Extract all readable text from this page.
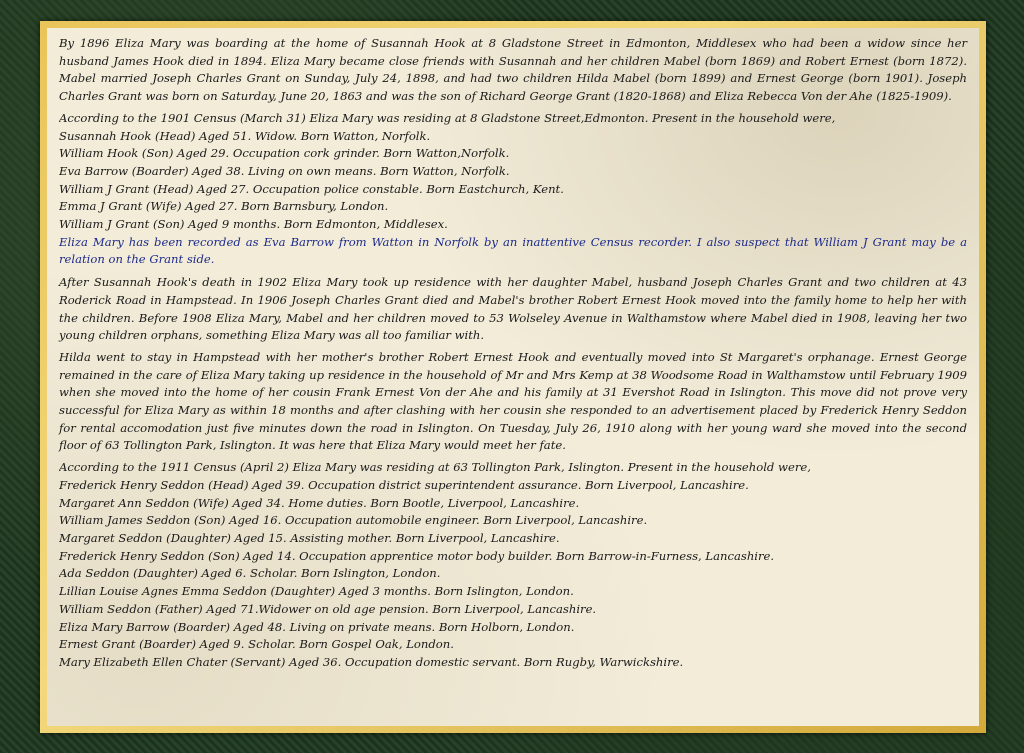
By 1896 Eliza Mary was boarding at the home of Susannah Hook at 8 Gladstone Street in Edmonton, Middlesex who had been a widow since her husband James Hook died in 1894. Eliza Mary became close friends with Susannah and her children Mabel (born 1869) and Robert Ernest (born 1872). Mabel married Joseph Charles Grant on Sunday, July 24, 1898, and had two children Hilda Mabel (born 1899) and Ernest George (born 1901). Joseph Charles Grant was born on Saturday, June 20, 1863 and was the son of Richard George Grant (1820-1868) and Eliza Rebecca Von der Ahe (1825-1909).

According to the 1901 Census (March 31) Eliza Mary was residing at 8 Gladstone Street,Edmonton. Present in the household were,
Susannah Hook (Head) Aged 51. Widow. Born Watton, Norfolk.
William Hook (Son) Aged 29. Occupation cork grinder. Born Watton,Norfolk.
Eva Barrow (Boarder) Aged 38. Living on own means. Born Watton, Norfolk.
William J Grant (Head) Aged 27. Occupation police constable. Born Eastchurch, Kent.
Emma J Grant (Wife) Aged 27. Born Barnsbury, London.
William J Grant (Son) Aged 9 months. Born Edmonton, Middlesex.
Eliza Mary has been recorded as Eva Barrow from Watton in Norfolk by an inattentive Census recorder. I also suspect that William J Grant may be a relation on the Grant side.

After Susannah Hook's death in 1902 Eliza Mary took up residence with her daughter Mabel, husband Joseph Charles Grant and two children at 43 Roderick Road in Hampstead. In 1906 Joseph Charles Grant died and Mabel's brother Robert Ernest Hook moved into the family home to help her with the children. Before 1908 Eliza Mary, Mabel and her children moved to 53 Wolseley Avenue in Walthamstow where Mabel died in 1908, leaving her two young children orphans, something Eliza Mary was all too familiar with.

Hilda went to stay in Hampstead with her mother's brother Robert Ernest Hook and eventually moved into St Margaret's orphanage. Ernest George remained in the care of Eliza Mary taking up residence in the household of Mr and Mrs Kemp at 38 Woodsome Road in Walthamstow until February 1909 when she moved into the home of her cousin Frank Ernest Von der Ahe and his family at 31 Evershot Road in Islington. This move did not prove very successful for Eliza Mary as within 18 months and after clashing with her cousin she responded to an advertisement placed by Frederick Henry Seddon for rental accomodation just five minutes down the road in Islington. On Tuesday, July 26, 1910 along with her young ward she moved into the second floor of 63 Tollington Park, Islington. It was here that Eliza Mary would meet her fate.

According to the 1911 Census (April 2) Eliza Mary was residing at 63 Tollington Park, Islington. Present in the household were,
Frederick Henry Seddon (Head) Aged 39. Occupation district superintendent assurance. Born Liverpool, Lancashire.
Margaret Ann Seddon (Wife) Aged 34. Home duties. Born Bootle, Liverpool, Lancashire.
William James Seddon (Son) Aged 16. Occupation automobile engineer. Born Liverpool, Lancashire.
Margaret Seddon (Daughter) Aged 15. Assisting mother. Born Liverpool, Lancashire.
Frederick Henry Seddon (Son) Aged 14. Occupation apprentice motor body builder. Born Barrow-in-Furness, Lancashire.
Ada Seddon (Daughter) Aged 6. Scholar. Born Islington, London.
Lillian Louise Agnes Emma Seddon (Daughter) Aged 3 months. Born Islington, London.
William Seddon (Father) Aged 71.Widower on old age pension. Born Liverpool, Lancashire.
Eliza Mary Barrow (Boarder) Aged 48. Living on private means. Born Holborn, London.
Ernest Grant (Boarder) Aged 9. Scholar. Born Gospel Oak, London.
Mary Elizabeth Ellen Chater (Servant) Aged 36. Occupation domestic servant. Born Rugby, Warwickshire.
